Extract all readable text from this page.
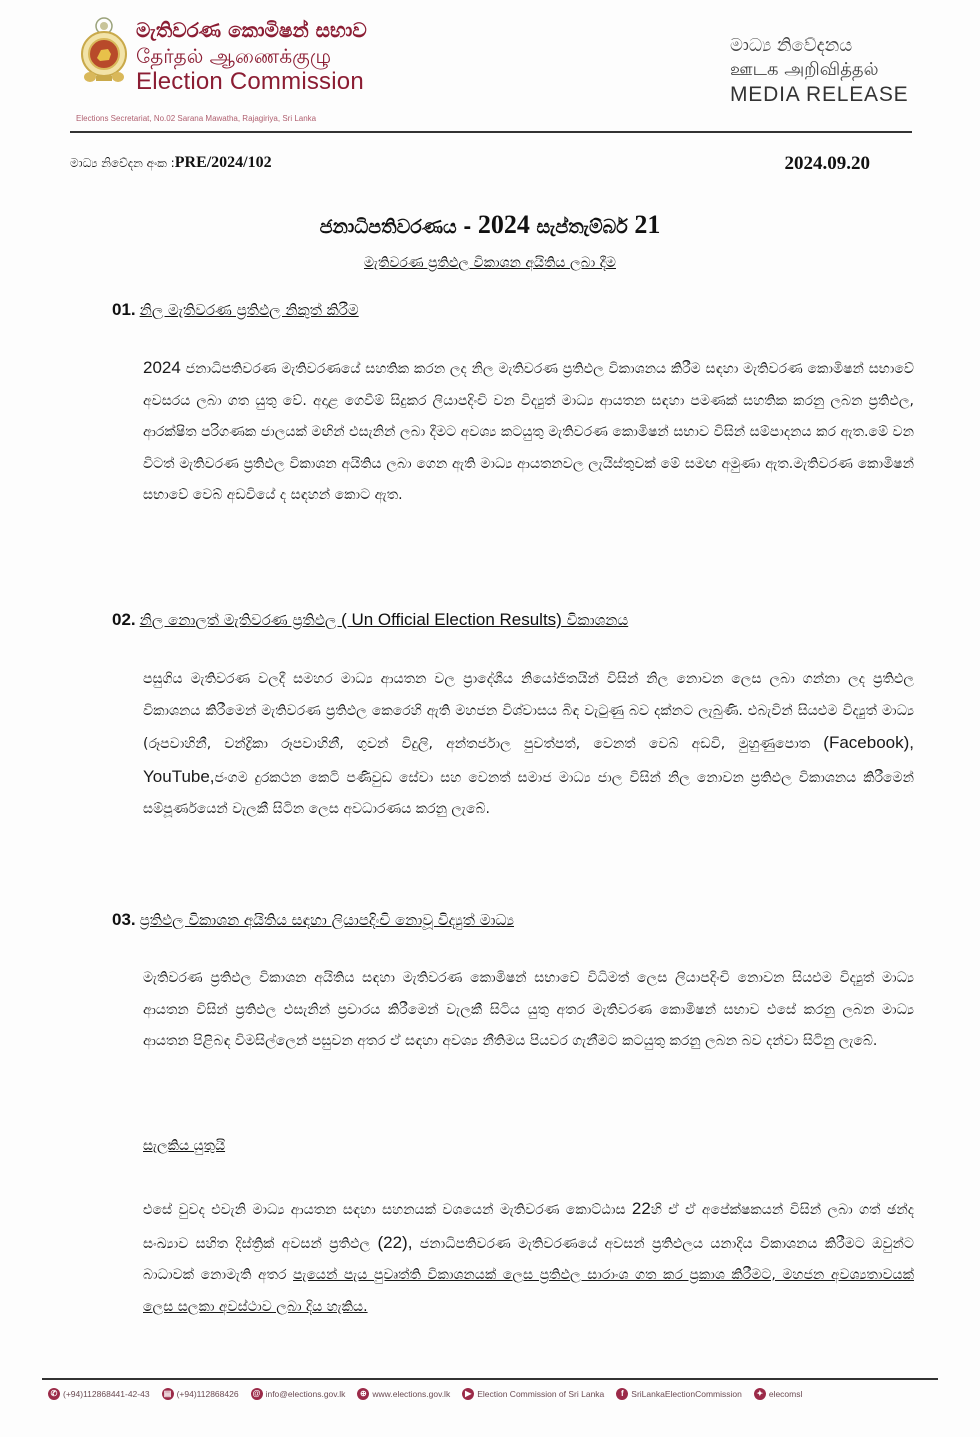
මැතිවරණ කොමිෂන් සභාව
தேர்தல் ஆணைக்குழு
Election Commission
Elections Secretariat, No.02 Sarana Mawatha, Rajagiriya, Sri Lanka
මාධ්‍ය නිවේදනය
ஊடக அறிவித்தல்
MEDIA RELEASE
මාධ්‍ය නිවේදන අංක :PRE/2024/102	2024.09.20
ජනාධිපතිවරණය - 2024 සැප්තැම්බර් 21
මැතිවරණ ප්‍රතිඵල විකාශන අයිතිය ලබා දීම
01. නිල මැතිවරණ ප්‍රතිඵල නිකුත් කිරීම
2024 ජනාධිපතිවරණ මැතිවරණයේ සහතික කරන ලද නිල මැතිවරණ ප්‍රතිඵල විකාශනය කිරීම සඳහා මැතිවරණ කොමිෂන් සභාවේ අවසරය ලබා ගත යුතු වේ. අදාළ ගෙවීම් සිදුකර ලියාපදිංචි වන විද්‍යුත් මාධ්‍ය ආයතන සඳහා පමණක් සහතික කරනු ලබන ප්‍රතිඵල, ආරක්ෂිත පරිගණක ජාලයක් මඟින් එසැනින් ලබා දීමට අවශ්‍ය කටයුතු මැතිවරණ කොමිෂන් සභාව විසින් සම්පාදනය කර ඇත.මේ වන විටත් මැතිවරණ ප්‍රතිඵල විකාශන අයිතිය ලබා ගෙන ඇති මාධ්‍ය ආයතනවල ලැයිස්තුවක් මේ සමඟ අමුණා ඇත.මැතිවරණ කොමිෂන් සභාවේ වෙබ් අඩවියේ ද සඳහන් කොට ඇත.
02. නිල නොලත් මැතිවරණ ප්‍රතිඵල ( Un Official Election Results) විකාශනය
පසුගිය මැතිවරණ වලදී සමහර මාධ්‍ය ආයතන වල ප්‍රාදේශීය නියෝජිතයින් විසින් නිල නොවන ලෙස ලබා ගන්නා ලද ප්‍රතිඵල විකාශනය කිරීමෙන් මැතිවරණ ප්‍රතිඵල කෙරෙහි ඇති මහජන විශ්වාසය බිඳ වැටුණු බව දක්නට ලැබුණි. එබැවින් සියළුම විද්‍යුත් මාධ්‍ය (රූපවාහිනී, චන්ද්‍රිකා රූපවාහිනී, ගුවන් විදුලි, අන්තර්ජාල පුවත්පත්, වෙනත් වෙබ් අඩවි, මුහුණුපොත (Facebook), YouTube,ජංගම දුරකථන කෙටි පණිවුඩ සේවා සහ වෙනත් සමාජ මාධ්‍ය ජාල විසින් නිල නොවන ප්‍රතිඵල විකාශනය කිරීමෙන් සම්පූර්ණයෙන් වැලකී සිටින ලෙස අවධාරණය කරනු ලැබේ.
03. ප්‍රතිඵල විකාශන අයිතිය සඳහා ලියාපදිංචි නොවූ විද්‍යුත් මාධ්‍ය
මැතිවරණ ප්‍රතිඵල විකාශන අයිතිය සඳහා මැතිවරණ කොමිෂන් සභාවේ විධිමත් ලෙස ලියාපදිංචි නොවන සියළුම විද්‍යුත් මාධ්‍ය ආයතන විසින් ප්‍රතිඵල එසැනින් ප්‍රචාරය කිරීමෙන් වැලකී සිටිය යුතු අතර මැතිවරණ කොමිෂන් සභාව එසේ කරනු ලබන මාධ්‍ය ආයතන පිළිබඳ විමසිල්ලෙන් පසුවන අතර ඒ සඳහා අවශ්‍ය නීතිමය පියවර ගැනීමට කටයුතු කරනු ලබන බව දන්වා සිටිනු ලැබේ.
සැලකිය යුතුයි
එසේ වුවද එවැනි මාධ්‍ය ආයතන සඳහා සහනයක් වශයෙන් මැතිවරණ කොට්ඨාස 22හි ඒ ඒ අපේක්ෂකයන් විසින් ලබා ගත් ඡන්ද සංඛ්‍යාව සහිත දිස්ත්‍රික් අවසන් ප්‍රතිඵල (22), ජනාධිපතිවරණ මැතිවරණයේ අවසන් ප්‍රතිඵලය යනාදිය විකාශනය කිරීමට ඔවුන්ට බාධාවක් නොමැති අතර පැයෙන් පැය පුවෘත්ති විකාශනයක් ලෙස ප්‍රතිඵල සාරාංශ ගත කර ප්‍රකාශ කිරීමට, මහජන අවශ්‍යතාවයක් ලෙස සලකා අවස්ථාව ලබා දිය හැකිය.
✆ (+94)112868441-42-43 ▤ (+94)112868426 @ info@elections.gov.lk	⊕ www.elections.gov.lk	▶ Election Commission of Sri Lanka	f SriLankaElectionCommission	✦ elecomsl
